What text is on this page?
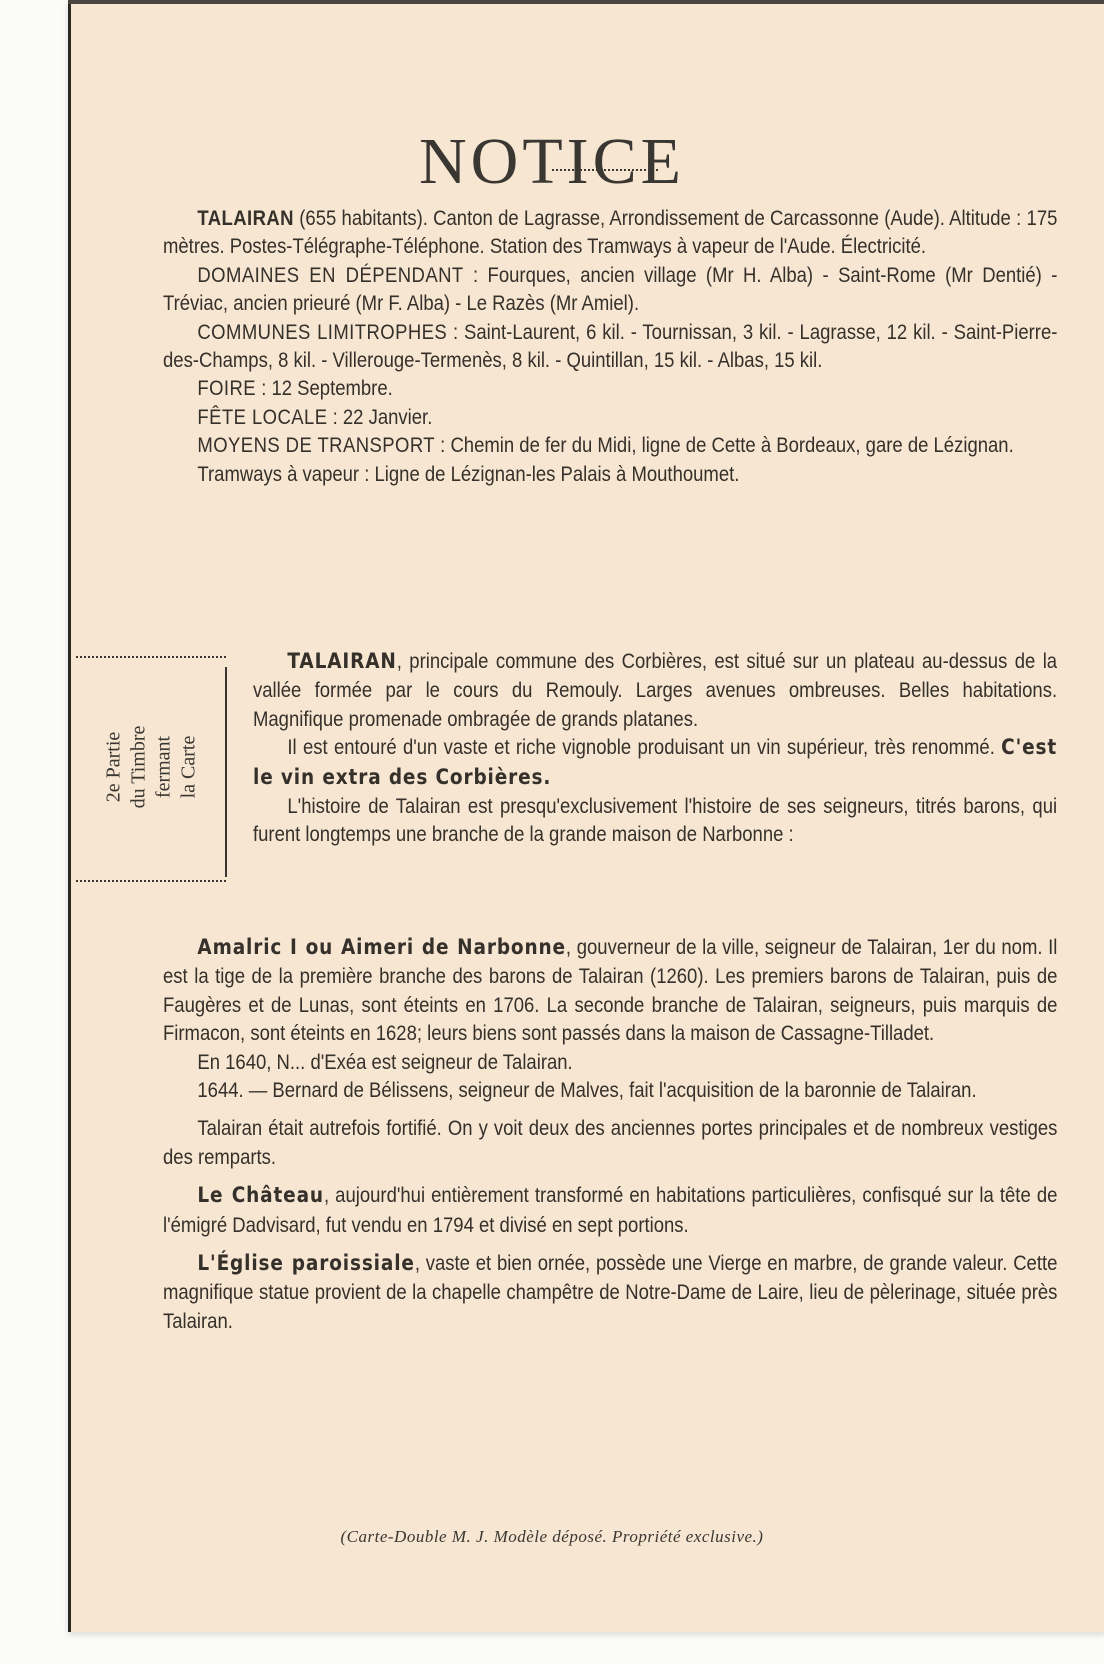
NOTICE

TALAIRAN (655 habitants). Canton de Lagrasse, Arrondissement de Carcassonne (Aude). Altitude : 175 mètres. Postes-Télégraphe-Téléphone. Station des Tramways à vapeur de l'Aude. Électricité.

DOMAINES EN DÉPENDANT : Fourques, ancien village (Mr H. Alba) - Saint-Rome (Mr Dentié) - Tréviac, ancien prieuré (Mr F. Alba) - Le Razès (Mr Amiel).

COMMUNES LIMITROPHES : Saint-Laurent, 6 kil. - Tournissan, 3 kil. - Lagrasse, 12 kil. - Saint-Pierre-des-Champs, 8 kil. - Villerouge-Termenès, 8 kil. - Quintillan, 15 kil. - Albas, 15 kil.

FOIRE : 12 Septembre.

FÊTE LOCALE : 22 Janvier.

MOYENS DE TRANSPORT : Chemin de fer du Midi, ligne de Cette à Bordeaux, gare de Lézignan.

Tramways à vapeur : Ligne de Lézignan-les Palais à Mouthoumet.

2e Partie du Timbre fermant la Carte

TALAIRAN, principale commune des Corbières, est situé sur un plateau au-dessus de la vallée formée par le cours du Remouly. Larges avenues ombreuses. Belles habitations. Magnifique promenade ombragée de grands platanes.

Il est entouré d'un vaste et riche vignoble produisant un vin supérieur, très renommé. C'est le vin extra des Corbières.

L'histoire de Talairan est presqu'exclusivement l'histoire de ses seigneurs, titrés barons, qui furent longtemps une branche de la grande maison de Narbonne :

Amalric I ou Aimeri de Narbonne, gouverneur de la ville, seigneur de Talairan, 1er du nom. Il est la tige de la première branche des barons de Talairan (1260). Les premiers barons de Talairan, puis de Faugères et de Lunas, sont éteints en 1706. La seconde branche de Talairan, seigneurs, puis marquis de Firmacon, sont éteints en 1628; leurs biens sont passés dans la maison de Cassagne-Tilladet.

En 1640, N... d'Exéa est seigneur de Talairan.

1644. — Bernard de Bélissens, seigneur de Malves, fait l'acquisition de la baronnie de Talairan.

Talairan était autrefois fortifié. On y voit deux des anciennes portes principales et de nombreux vestiges des remparts.

Le Château, aujourd'hui entièrement transformé en habitations particulières, confisqué sur la tête de l'émigré Dadvisard, fut vendu en 1794 et divisé en sept portions.

L'Église paroissiale, vaste et bien ornée, possède une Vierge en marbre, de grande valeur. Cette magnifique statue provient de la chapelle champêtre de Notre-Dame de Laire, lieu de pèlerinage, située près Talairan.

(Carte-Double M. J. Modèle déposé. Propriété exclusive.)
